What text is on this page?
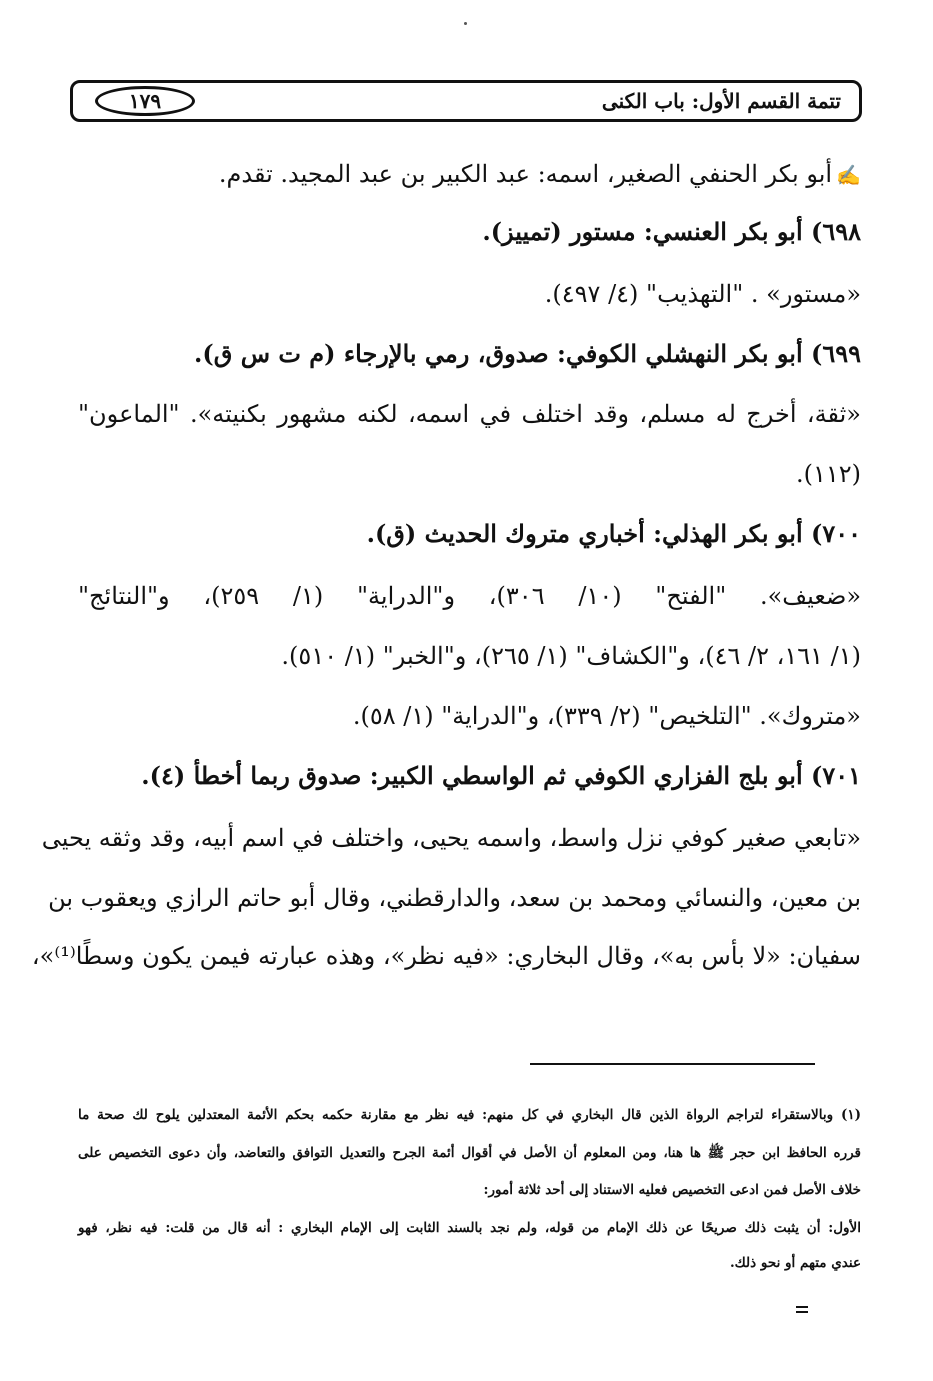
تتمة القسم الأول: باب الكنى
١٧٩
✍أبو بكر الحنفي الصغير، اسمه: عبد الكبير بن عبد المجيد. تقدم.
٦٩٨) أبو بكر العنسي: مستور (تمييز).
«مستور» . "التهذيب" (٤/ ٤٩٧).
٦٩٩) أبو بكر النهشلي الكوفي: صدوق، رمي بالإرجاء (م ت س ق).
«ثقة، أخرج له مسلم، وقد اختلف في اسمه، لكنه مشهور بكنيته». "الماعون"
(١١٢).
٧٠٠) أبو بكر الهذلي: أخباري متروك الحديث (ق).
«ضعيف». "الفتح" (١٠/ ٣٠٦)، و"الدراية" (١/ ٢٥٩)، و"النتائج"
(١/ ١٦١، ٢/ ٤٦)، و"الكشاف" (١/ ٢٦٥)، و"الخبر" (١/ ٥١٠).
«متروك». "التلخيص" (٢/ ٣٣٩)، و"الدراية" (١/ ٥٨).
٧٠١) أبو بلج الفزاري الكوفي ثم الواسطي الكبير: صدوق ربما أخطأ (٤).
«تابعي صغير كوفي نزل واسط، واسمه يحيى، واختلف في اسم أبيه، وقد وثقه يحيى
بن معين، والنسائي ومحمد بن سعد، والدارقطني، وقال أبو حاتم الرازي ويعقوب بن
سفيان: «لا بأس به»، وقال البخاري: «فيه نظر»، وهذه عبارته فيمن يكون وسطًا⁽¹⁾»،
(١) وبالاستقراء لتراجم الرواة الذين قال البخاري في كل منهم: فيه نظر مع مقارنة حكمه بحكم الأئمة المعتدلين يلوح لك صحة ما
قرره الحافظ ابن حجر ﷺ ها هنا، ومن المعلوم أن الأصل في أقوال أئمة الجرح والتعديل التوافق والتعاضد، وأن دعوى التخصيص على
خلاف الأصل فمن ادعى التخصيص فعليه الاستناد إلى أحد ثلاثة أمور:
الأول: أن يثبت ذلك صريحًا عن ذلك الإمام من قوله، ولم نجد بالسند الثابت إلى الإمام البخاري : أنه قال من قلت: فيه نظر، فهو
عندي متهم أو نحو ذلك.
